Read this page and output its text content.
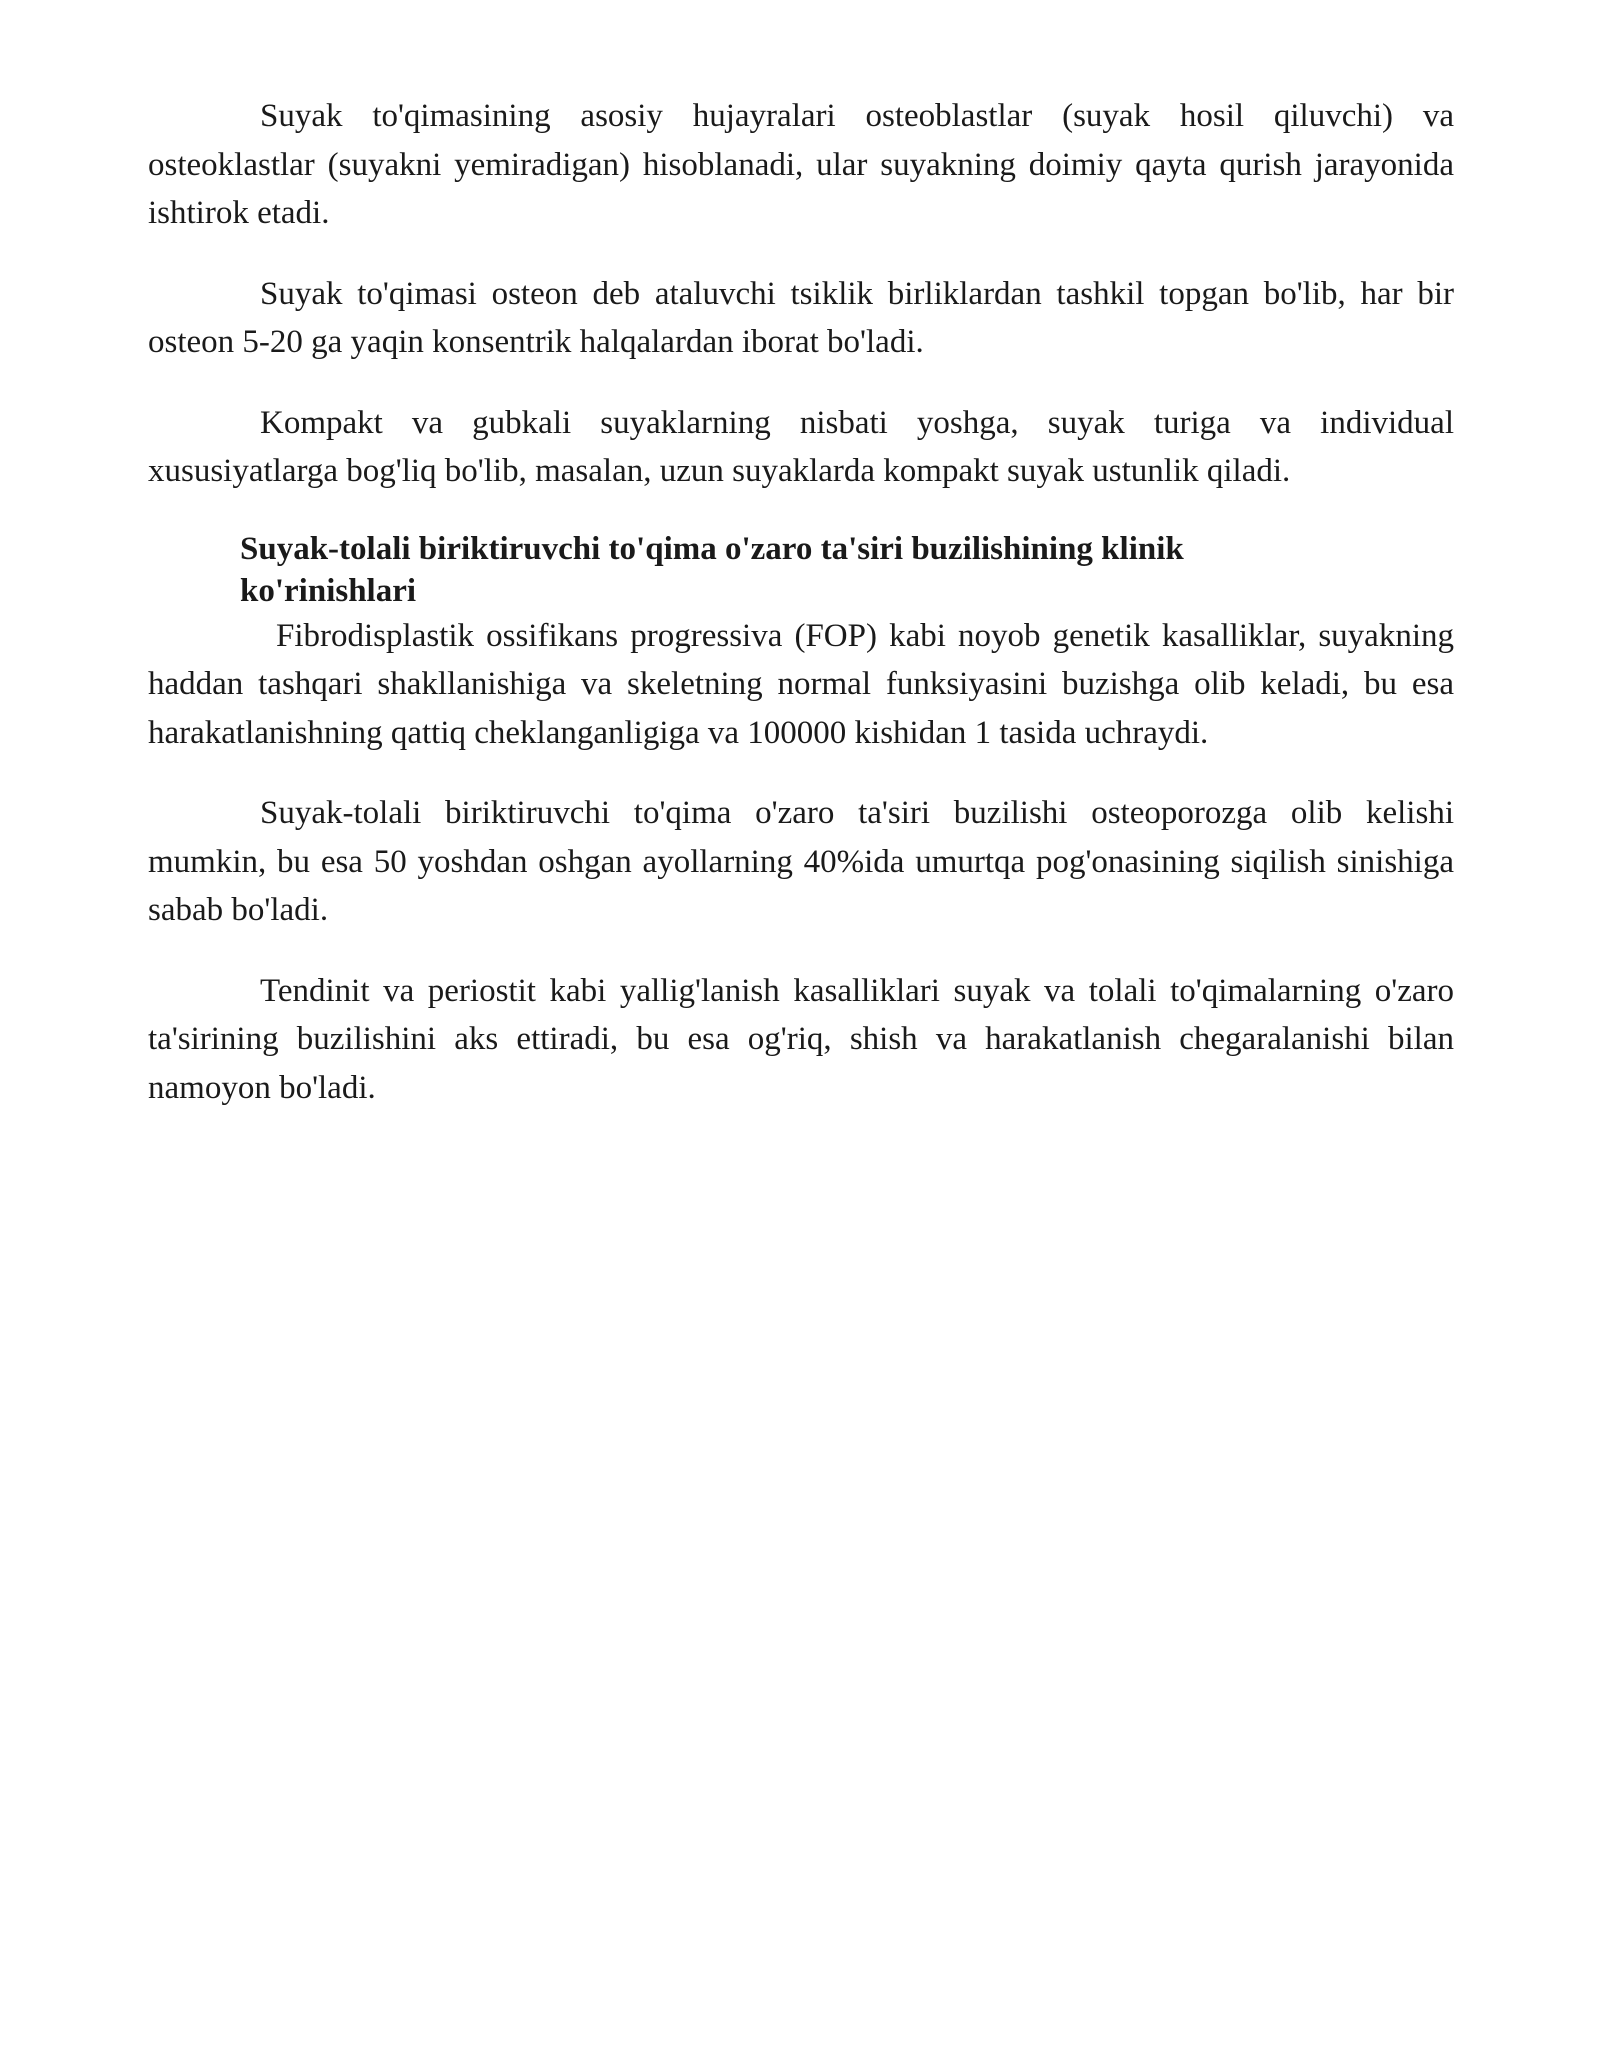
Suyak to'qimasining asosiy hujayralari osteoblastlar (suyak hosil qiluvchi) va osteoklastlar (suyakni yemiradigan) hisoblanadi, ular suyakning doimiy qayta qurish jarayonida ishtirok etadi.

Suyak to'qimasi osteon deb ataluvchi tsiklik birliklardan tashkil topgan bo'lib, har bir osteon 5-20 ga yaqin konsentrik halqalardan iborat bo'ladi.

Kompakt va gubkali suyaklarning nisbati yoshga, suyak turiga va individual xususiyatlarga bog'liq bo'lib, masalan, uzun suyaklarda kompakt suyak ustunlik qiladi.

Suyak-tolali biriktiruvchi to'qima o'zaro ta'siri buzilishining klinik ko'rinishlari

Fibrodisplastik ossifikans progressiva (FOP) kabi noyob genetik kasalliklar, suyakning haddan tashqari shakllanishiga va skeletning normal funksiyasini buzishga olib keladi, bu esa harakatlanishning qattiq cheklanganligiga va 100000 kishidan 1 tasida uchraydi.

Suyak-tolali biriktiruvchi to'qima o'zaro ta'siri buzilishi osteoporozga olib kelishi mumkin, bu esa 50 yoshdan oshgan ayollarning 40%ida umurtqa pog'onasining siqilish sinishiga sabab bo'ladi.

Tendinit va periostit kabi yallig'lanish kasalliklari suyak va tolali to'qimalarning o'zaro ta'sirining buzilishini aks ettiradi, bu esa og'riq, shish va harakatlanish chegaralanishi bilan namoyon bo'ladi.
